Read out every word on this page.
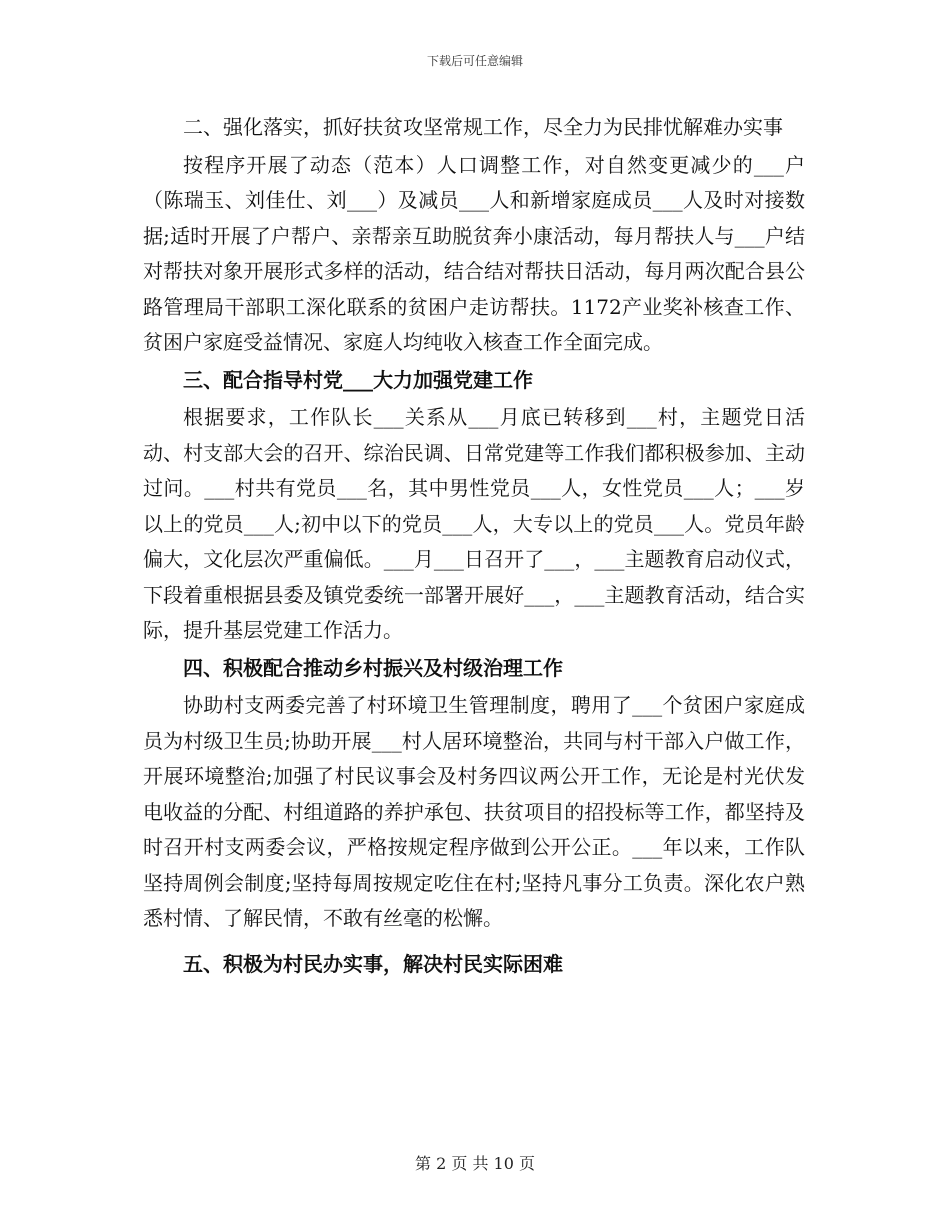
下载后可任意编辑

二、强化落实，抓好扶贫攻坚常规工作，尽全力为民排忧解难办实事

按程序开展了动态（范本）人口调整工作，对自然变更减少的___户（陈瑞玉、刘佳仕、刘___）及减员___人和新增家庭成员___人及时对接数据;适时开展了户帮户、亲帮亲互助脱贫奔小康活动，每月帮扶人与___户结对帮扶对象开展形式多样的活动，结合结对帮扶日活动，每月两次配合县公路管理局干部职工深化联系的贫困户走访帮扶。1172产业奖补核查工作、贫困户家庭受益情况、家庭人均纯收入核查工作全面完成。

三、配合指导村党___大力加强党建工作

根据要求，工作队长___关系从___月底已转移到___村，主题党日活动、村支部大会的召开、综治民调、日常党建等工作我们都积极参加、主动过问。___村共有党员___名，其中男性党员___人，女性党员___人；___岁以上的党员___人;初中以下的党员___人，大专以上的党员___人。党员年龄偏大，文化层次严重偏低。___月___日召开了___，___主题教育启动仪式，下段着重根据县委及镇党委统一部署开展好___，___主题教育活动，结合实际，提升基层党建工作活力。

四、积极配合推动乡村振兴及村级治理工作

协助村支两委完善了村环境卫生管理制度，聘用了___个贫困户家庭成员为村级卫生员;协助开展___村人居环境整治，共同与村干部入户做工作，开展环境整治;加强了村民议事会及村务四议两公开工作，无论是村光伏发电收益的分配、村组道路的养护承包、扶贫项目的招投标等工作，都坚持及时召开村支两委会议，严格按规定程序做到公开公正。___年以来，工作队坚持周例会制度;坚持每周按规定吃住在村;坚持凡事分工负责。深化农户熟悉村情、了解民情，不敢有丝毫的松懈。

五、积极为村民办实事，解决村民实际困难

第 2 页 共 10 页
